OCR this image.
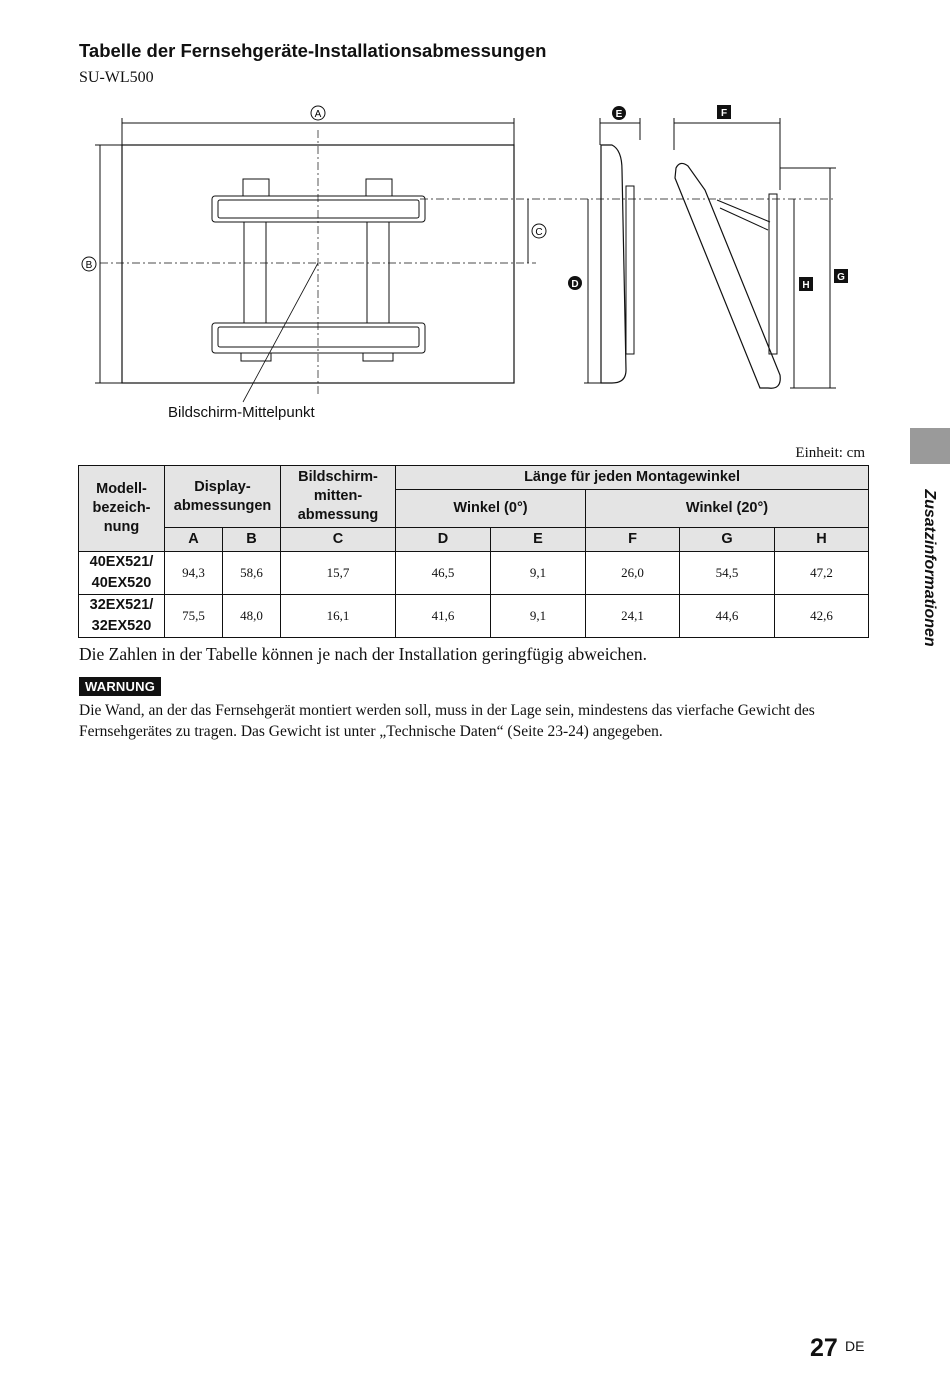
Tabelle der Fernsehgeräte-Installationsabmessungen
SU-WL500
A
B
C
D
E	F
G
H
Bildschirm-Mittelpunkt
Einheit: cm
Modell-
bezeich-
nung	Display-
abmessungen		Bildschirm-
mitten-
abmessung	Länge für jeden Montagewinkel				
				Winkel (0°)		Winkel (20°)		
	A	B	C	D	E	F	G	H
40EX521/
40EX520	94,3	58,6	15,7	46,5	9,1	26,0	54,5	47,2
32EX521/
32EX520	75,5	48,0	16,1	41,6	9,1	24,1	44,6	42,6
Die Zahlen in der Tabelle können je nach der Installation geringfügig abweichen.
WARNUNG
Die Wand, an der das Fernsehgerät montiert werden soll, muss in der Lage sein, mindestens das vierfache Gewicht des Fernsehgerätes zu tragen. Das Gewicht ist unter „Technische Daten“ (Seite 23-24) angegeben.
Zusatzinformationen
27 DE
